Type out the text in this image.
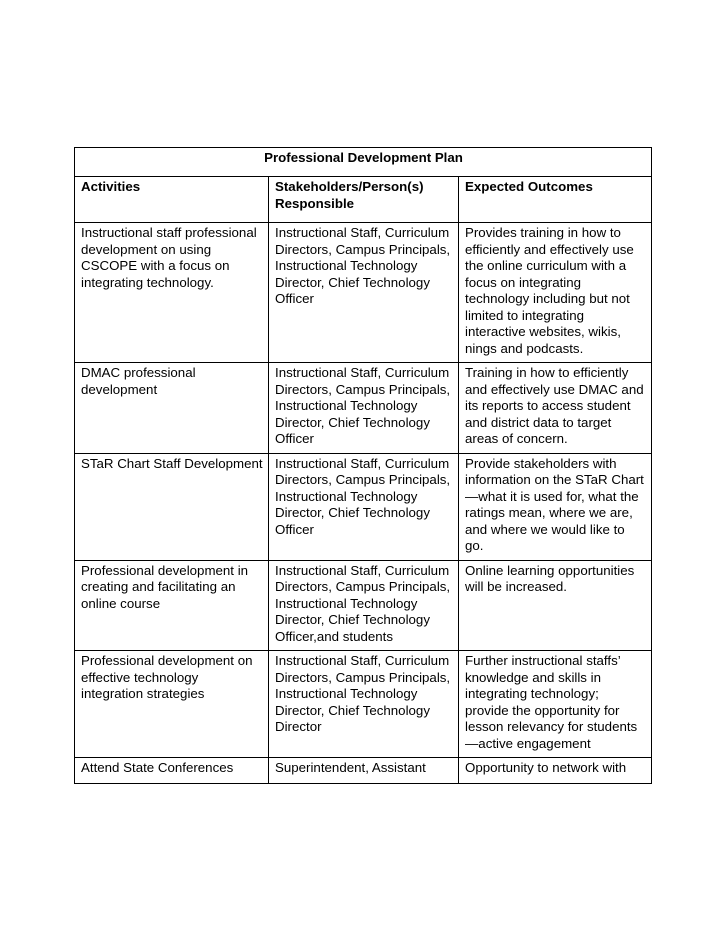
Professional Development Plan		
Activities	Stakeholders/Person(s) Responsible	Expected Outcomes
Instructional staff professional development on using CSCOPE with a focus on integrating technology.	Instructional Staff, Curriculum Directors, Campus Principals, Instructional Technology Director, Chief Technology Officer	Provides training in how to efficiently and effectively use the online curriculum with a focus on integrating technology including but not limited to integrating interactive websites, wikis, nings and podcasts.
DMAC professional development	Instructional Staff, Curriculum Directors, Campus Principals, Instructional Technology Director, Chief Technology Officer	Training in how to efficiently and effectively use DMAC and its reports to access student and district data to target areas of concern.
STaR Chart Staff Development	Instructional Staff, Curriculum Directors, Campus Principals, Instructional Technology Director, Chief Technology Officer	Provide stakeholders with information on the STaR Chart—what it is used for, what the ratings mean, where we are, and where we would like to go.
Professional development in creating and facilitating an online course	Instructional Staff, Curriculum Directors, Campus Principals, Instructional Technology Director, Chief Technology Officer,and students	Online learning opportunities will be increased.
Professional development on effective technology integration strategies	Instructional Staff, Curriculum Directors, Campus Principals, Instructional Technology Director, Chief Technology Director	Further instructional staffs’ knowledge and skills in integrating technology; provide the opportunity for lesson relevancy for students—active engagement
Attend State Conferences	Superintendent, Assistant	Opportunity to network with
